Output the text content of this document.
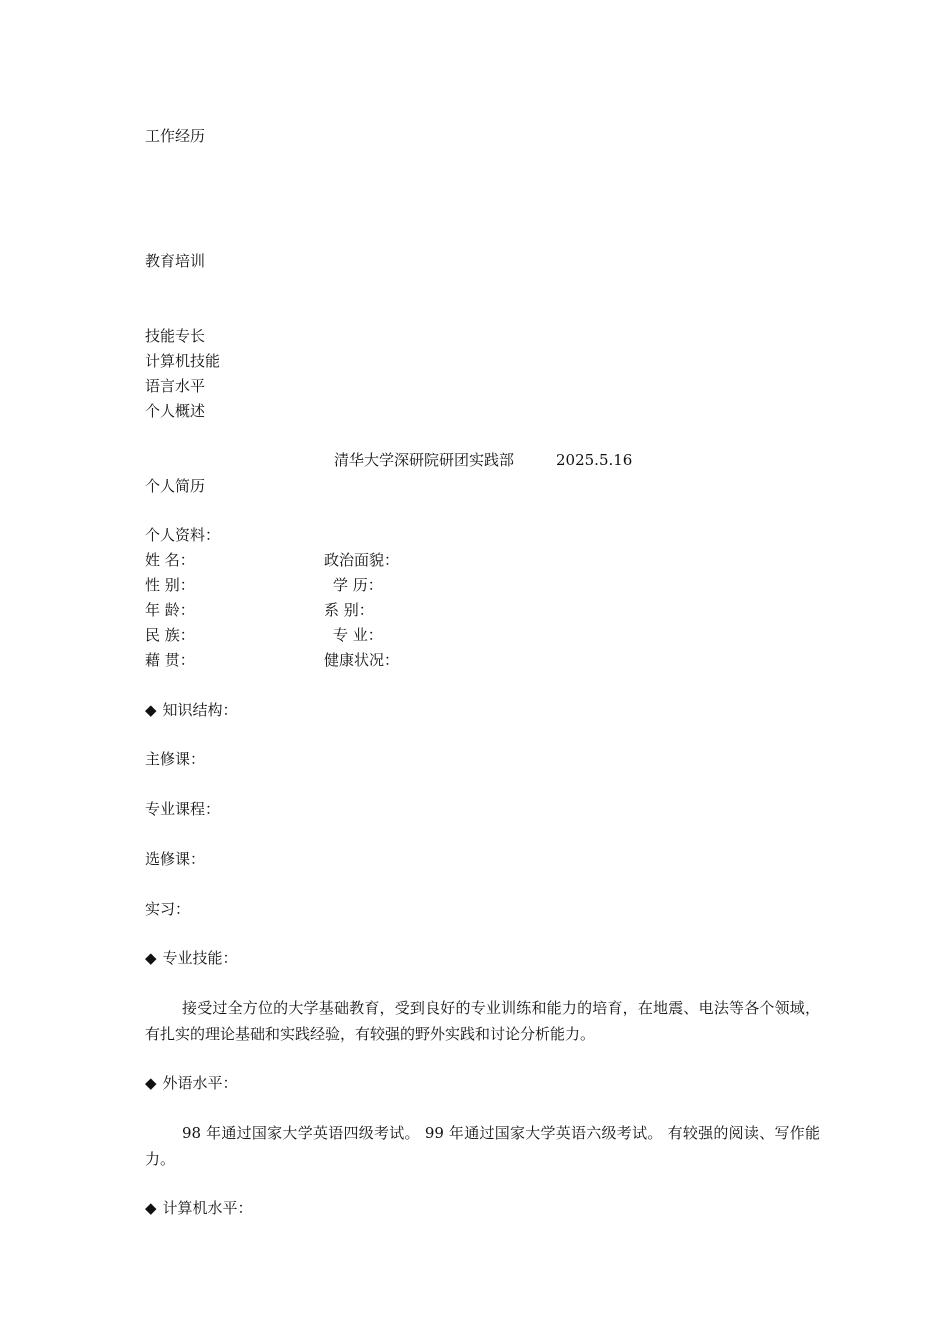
工作经历
教育培训
技能专长
计算机技能
语言水平
个人概述
清华大学深研院研团实践部	2025.5.16
个人简历
个人资料：
姓 名：	政治面貌：
性 别：	学 历：
年 龄：	系 别：
民 族：	专 业：
藉 贯：	健康状况：
◆ 知识结构：
主修课：
专业课程：
选修课：
实习：
◆ 专业技能：
接受过全方位的大学基础教育，受到良好的专业训练和能力的培育，在地震、电法等各个领域，有扎实的理论基础和实践经验，有较强的野外实践和讨论分析能力。
◆ 外语水平：
98 年通过国家大学英语四级考试。 99 年通过国家大学英语六级考试。 有较强的阅读、写作能力。
◆ 计算机水平：
